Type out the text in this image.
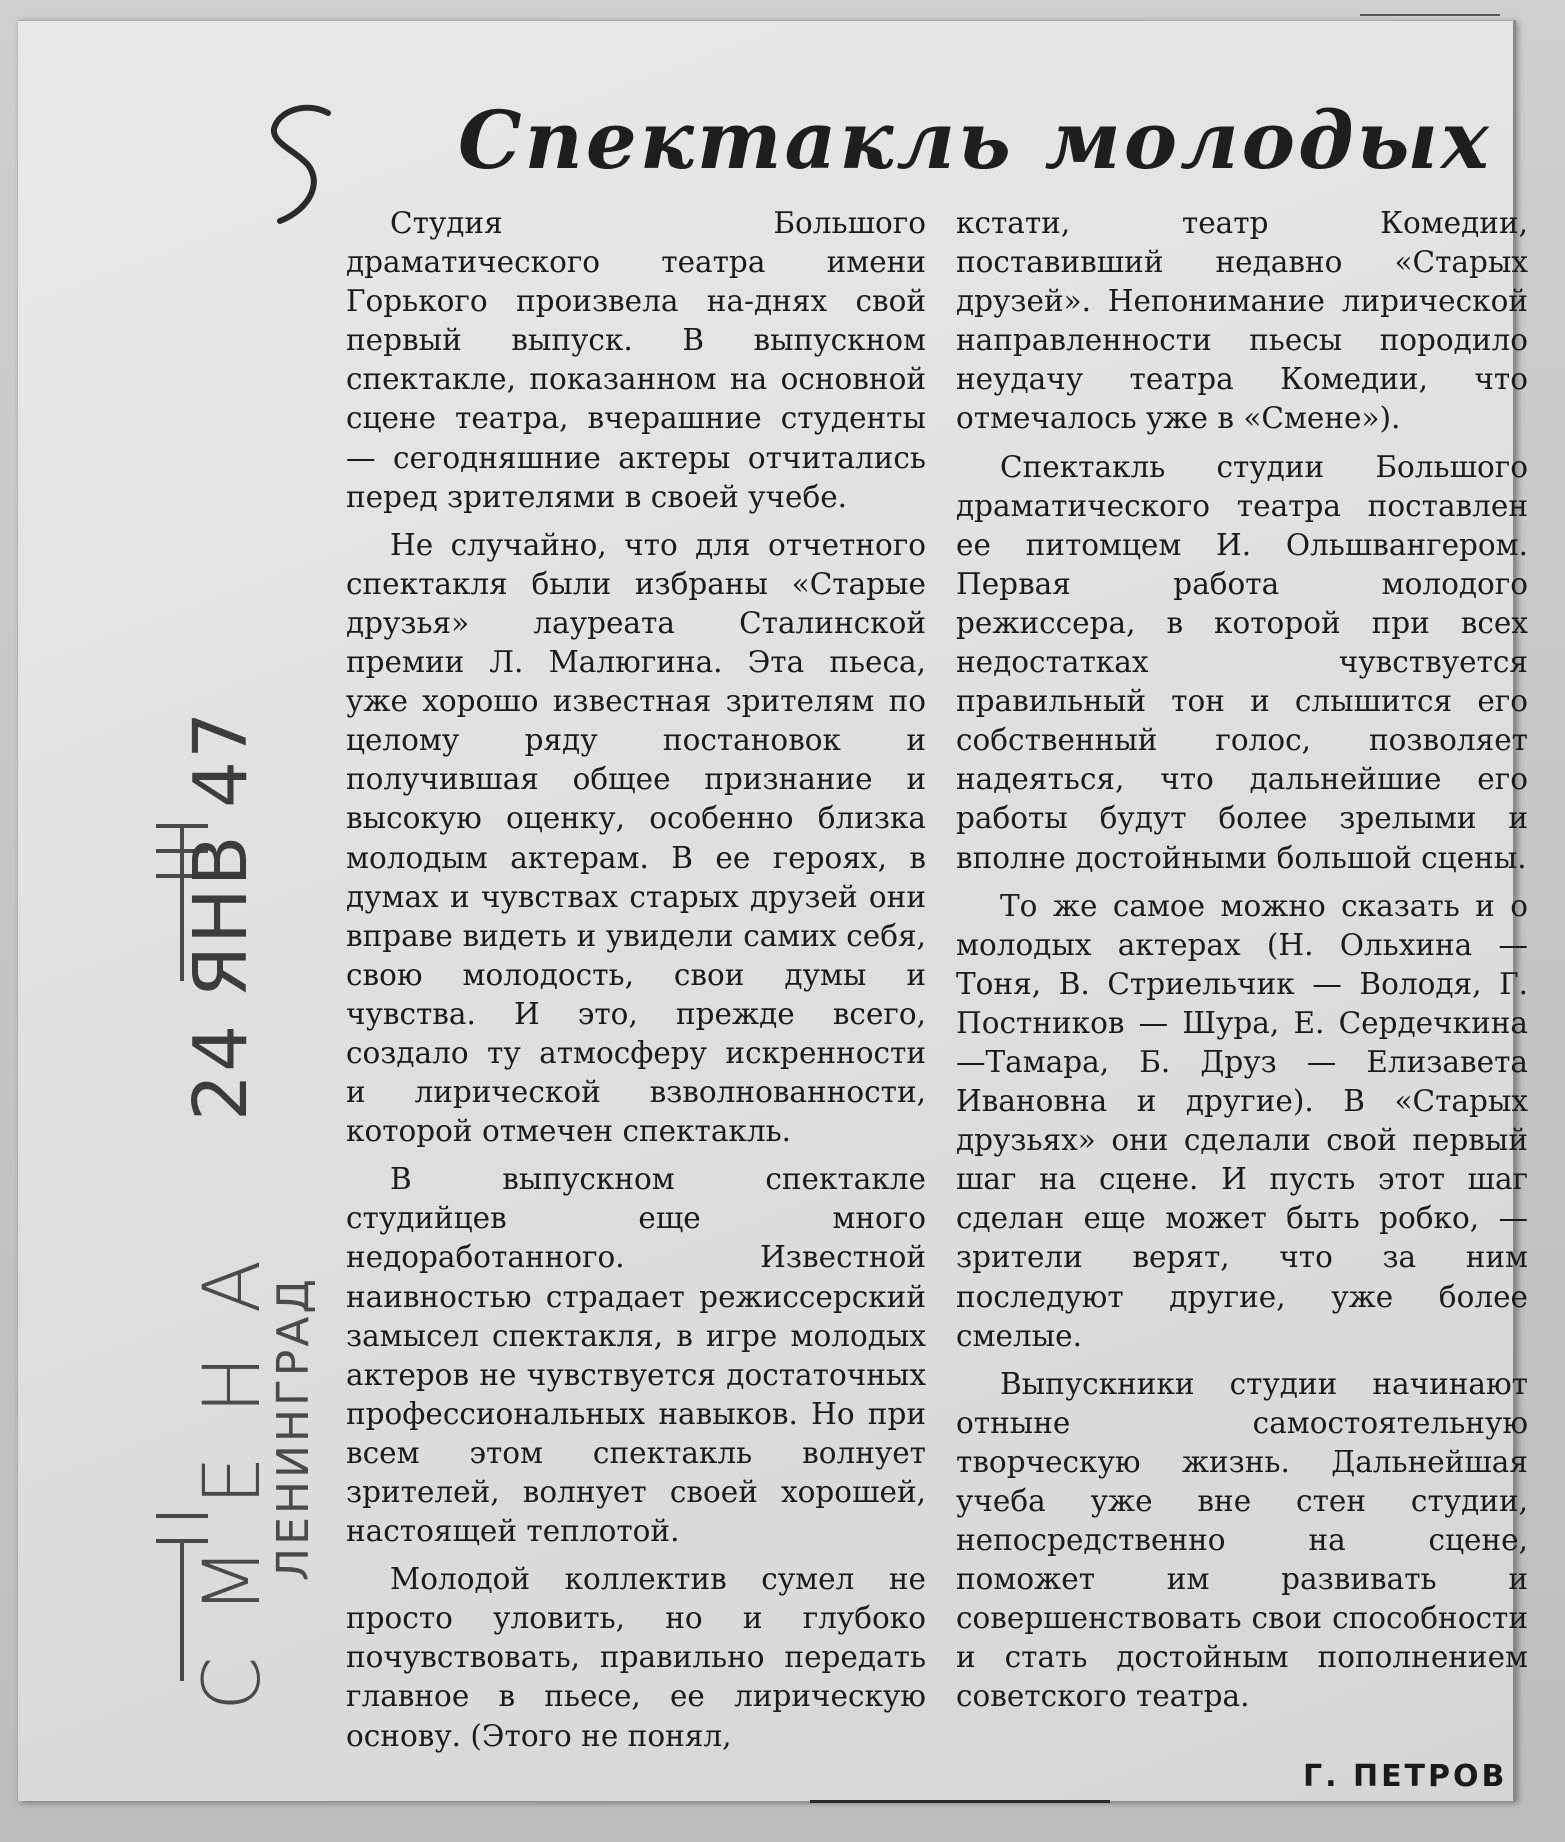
Спектакль молодых
24 ЯНВ 47
СМЕНА
ЛЕНИНГРАД

Студия Большого драматического театра имени Горького произвела на-днях свой первый выпуск. В выпускном спектакле, показанном на основной сцене театра, вчерашние студенты — сегодняшние актеры отчитались перед зрителями в своей учебе.

Не случайно, что для отчетного спектакля были избраны «Старые друзья» лауреата Сталинской премии Л. Малюгина. Эта пьеса, уже хорошо известная зрителям по целому ряду постановок и получившая общее признание и высокую оценку, особенно близка молодым актерам. В ее героях, в думах и чувствах старых друзей они вправе видеть и увидели самих себя, свою молодость, свои думы и чувства. И это, прежде всего, создало ту атмосферу искренности и лирической взволнованности, которой отмечен спектакль.

В выпускном спектакле студийцев еще много недоработанного. Известной наивностью страдает режиссерский замысел спектакля, в игре молодых актеров не чувствуется достаточных профессиональных навыков. Но при всем этом спектакль волнует зрителей, волнует своей хорошей, настоящей теплотой.

Молодой коллектив сумел не просто уловить, но и глубоко почувствовать, правильно передать главное в пьесе, ее лирическую основу. (Этого не понял,

кстати, театр Комедии, поставивший недавно «Старых друзей». Непонимание лирической направленности пьесы породило неудачу театра Комедии, что отмечалось уже в «Смене»).

Спектакль студии Большого драматического театра поставлен ее питомцем И. Ольшвангером. Первая работа молодого режиссера, в которой при всех недостатках чувствуется правильный тон и слышится его собственный голос, позволяет надеяться, что дальнейшие его работы будут более зрелыми и вполне достойными большой сцены.

То же самое можно сказать и о молодых актерах (Н. Ольхина — Тоня, В. Стриельчик — Володя, Г. Постников — Шура, Е. Сердечкина—Тамара, Б. Друз — Елизавета Ивановна и другие). В «Старых друзьях» они сделали свой первый шаг на сцене. И пусть этот шаг сделан еще может быть робко, — зрители верят, что за ним последуют другие, уже более смелые.

Выпускники студии начинают отныне самостоятельную творческую жизнь. Дальнейшая учеба уже вне стен студии, непосредственно на сцене, поможет им развивать и совершенствовать свои способности и стать достойным пополнением советского театра.

Г. ПЕТРОВ
